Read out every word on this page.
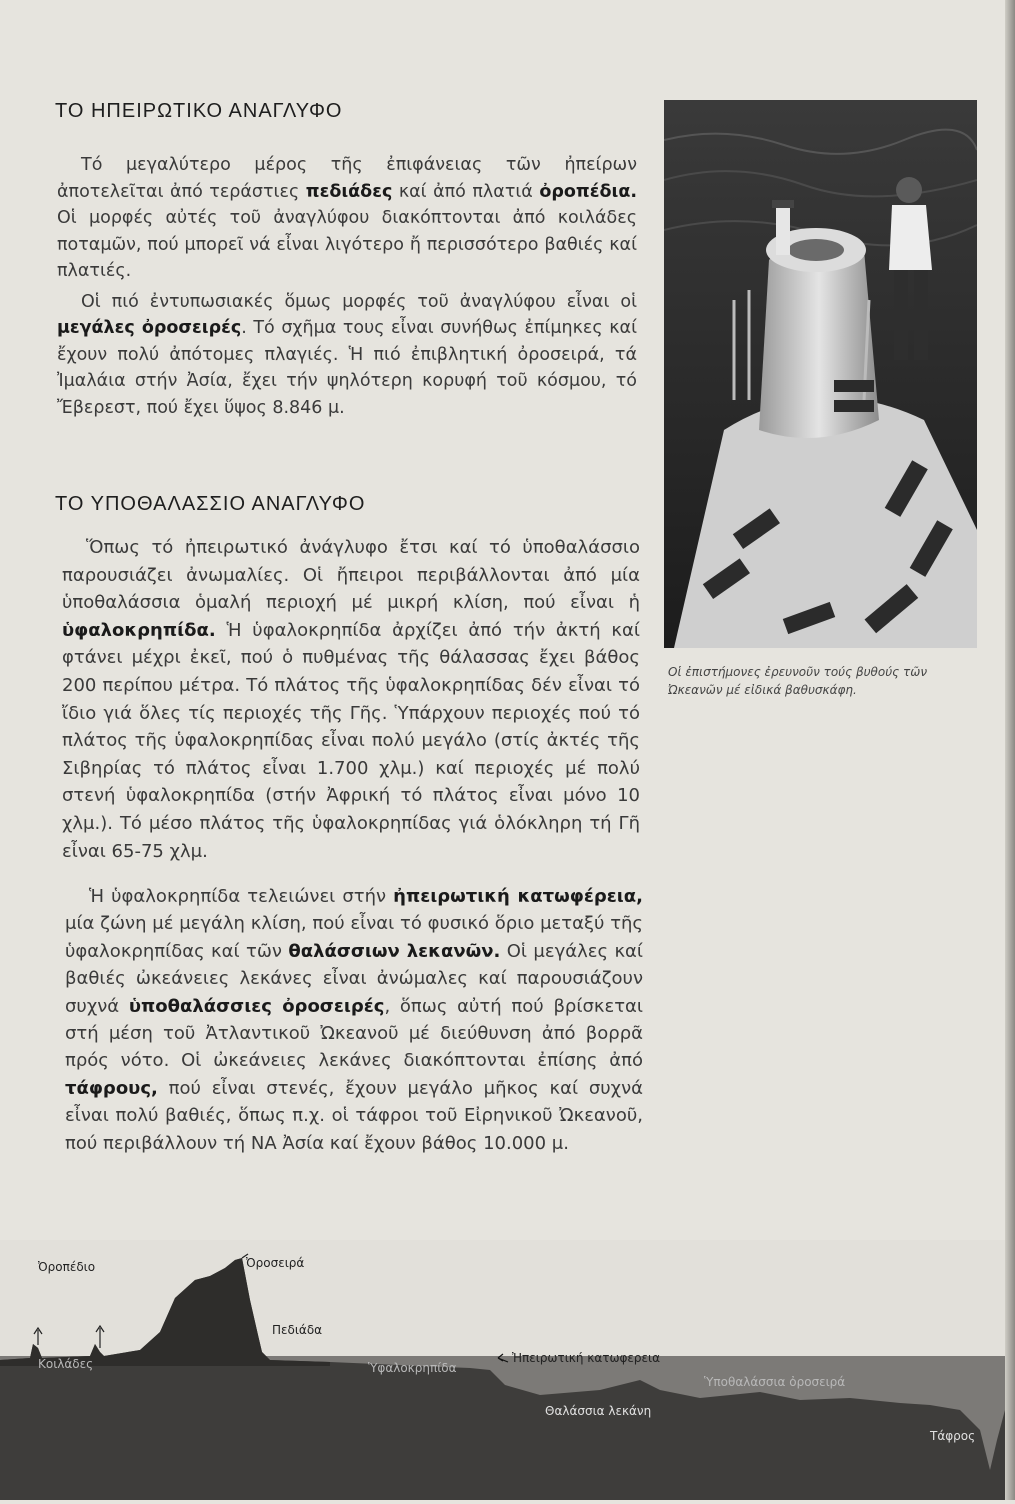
ΤΟ ΗΠΕΙΡΩΤΙΚΟ ΑΝΑΓΛΥΦΟ

Τό μεγαλύτερο μέρος τῆς ἐπιφάνειας τῶν ἠπείρων ἀποτελεῖται ἀπό τεράστιες πεδιάδες καί ἀπό πλατιά ὀροπέδια. Οἱ μορφές αὐτές τοῦ ἀναγλύφου διακόπτονται ἀπό κοιλάδες ποταμῶν, πού μπορεῖ νά εἶναι λιγότερο ἤ περισσότερο βαθιές καί πλατιές.

Οἱ πιό ἐντυπωσιακές ὅμως μορφές τοῦ ἀναγλύφου εἶναι οἱ μεγάλες ὀροσειρές. Τό σχῆμα τους εἶναι συνήθως ἐπίμηκες καί ἔχουν πολύ ἀπότομες πλαγιές. Ἡ πιό ἐπιβλητική ὀροσειρά, τά Ἰμαλάια στήν Ἀσία, ἔχει τήν ψηλότερη κορυφή τοῦ κόσμου, τό Ἔβερεστ, πού ἔχει ὕψος 8.846 μ.

ΤΟ ΥΠΟΘΑΛΑΣΣΙΟ ΑΝΑΓΛΥΦΟ

Ὅπως τό ἠπειρωτικό ἀνάγλυφο ἔτσι καί τό ὑποθαλάσσιο παρουσιάζει ἀνωμαλίες. Οἱ ἤπειροι περιβάλλονται ἀπό μία ὑποθαλάσσια ὁμαλή περιοχή μέ μικρή κλίση, πού εἶναι ἡ ὑφαλοκρηπίδα. Ἡ ὑφαλοκρηπίδα ἀρχίζει ἀπό τήν ἀκτή καί φτάνει μέχρι ἐκεῖ, πού ὁ πυθμένας τῆς θάλασσας ἔχει βάθος 200 περίπου μέτρα. Τό πλάτος τῆς ὑφαλοκρηπίδας δέν εἶναι τό ἴδιο γιά ὅλες τίς περιοχές τῆς Γῆς. Ὑπάρχουν περιοχές πού τό πλάτος τῆς ὑφαλοκρηπίδας εἶναι πολύ μεγάλο (στίς ἀκτές τῆς Σιβηρίας τό πλάτος εἶναι 1.700 χλμ.) καί περιοχές μέ πολύ στενή ὑφαλοκρηπίδα (στήν Ἀφρική τό πλάτος εἶναι μόνο 10 χλμ.). Τό μέσο πλάτος τῆς ὑφαλοκρηπίδας γιά ὁλόκληρη τή Γῆ εἶναι 65-75 χλμ.

Ἡ ὑφαλοκρηπίδα τελειώνει στήν ἠπειρωτική κατωφέρεια, μία ζώνη μέ μεγάλη κλίση, πού εἶναι τό φυσικό ὅριο μεταξύ τῆς ὑφαλοκρηπίδας καί τῶν θαλάσσιων λεκανῶν. Οἱ μεγάλες καί βαθιές ὠκεάνειες λεκάνες εἶναι ἀνώμαλες καί παρουσιάζουν συχνά ὑποθαλάσσιες ὀροσειρές, ὅπως αὐτή πού βρίσκεται στή μέση τοῦ Ἀτλαντικοῦ Ὠκεανοῦ μέ διεύθυνση ἀπό βορρᾶ πρός νότο. Οἱ ὠκεάνειες λεκάνες διακόπτονται ἐπίσης ἀπό τάφρους, πού εἶναι στενές, ἔχουν μεγάλο μῆκος καί συχνά εἶναι πολύ βαθιές, ὅπως π.χ. οἱ τάφροι τοῦ Εἰρηνικοῦ Ὠκεανοῦ, πού περιβάλλουν τή ΝΑ Ἀσία καί ἔχουν βάθος 10.000 μ.

Οἱ ἐπιστήμονες ἐρευνοῦν τούς βυθούς τῶν Ὠκεανῶν μέ εἰδικά βαθυσκάφη.

Ὀροπέδιο	Ὀροσειρά
Πεδιάδα
Κοιλάδες	Ὑφαλοκρηπίδα
Ἠπειρωτική κατωφερεια
Ὑποθαλάσσια ὀροσειρά
Θαλάσσια λεκάνη
Τάφρος
